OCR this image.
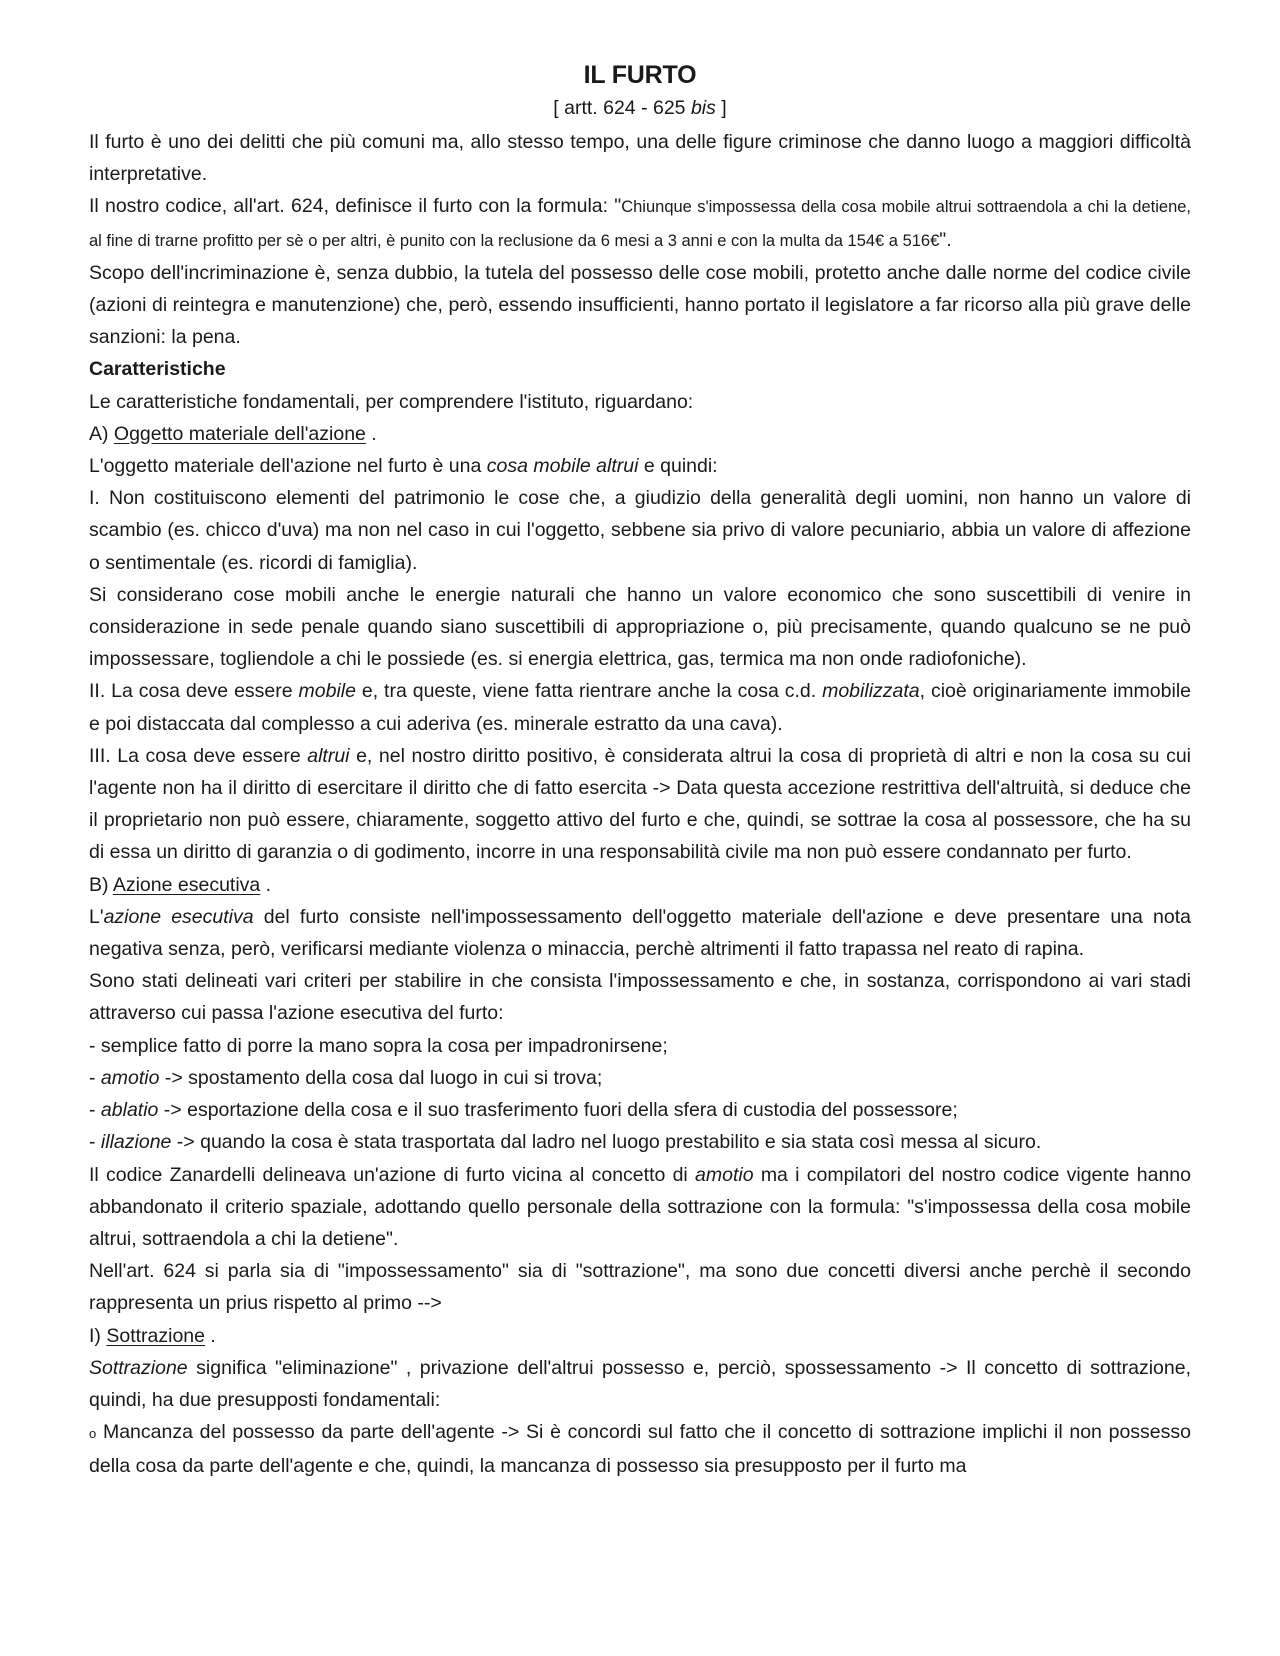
IL FURTO
[ artt. 624 - 625 bis ]

Il furto è uno dei delitti che più comuni ma, allo stesso tempo, una delle figure criminose che danno luogo a maggiori difficoltà interpretative.

Il nostro codice, all'art. 624, definisce il furto con la formula: "Chiunque s'impossessa della cosa mobile altrui sottraendola a chi la detiene, al fine di trarne profitto per sè o per altri, è punito con la reclusione da 6 mesi a 3 anni e con la multa da 154€ a 516€".

Scopo dell'incriminazione è, senza dubbio, la tutela del possesso delle cose mobili, protetto anche dalle norme del codice civile (azioni di reintegra e manutenzione) che, però, essendo insufficienti, hanno portato il legislatore a far ricorso alla più grave delle sanzioni: la pena.

Caratteristiche

Le caratteristiche fondamentali, per comprendere l'istituto, riguardano:

A) Oggetto materiale dell'azione .

L'oggetto materiale dell'azione nel furto è una cosa mobile altrui e quindi:

I. Non costituiscono elementi del patrimonio le cose che, a giudizio della generalità degli uomini, non hanno un valore di scambio (es. chicco d'uva) ma non nel caso in cui l'oggetto, sebbene sia privo di valore pecuniario, abbia un valore di affezione o sentimentale (es. ricordi di famiglia).

Si considerano cose mobili anche le energie naturali che hanno un valore economico che sono suscettibili di venire in considerazione in sede penale quando siano suscettibili di appropriazione o, più precisamente, quando qualcuno se ne può impossessare, togliendole a chi le possiede (es. si energia elettrica, gas, termica ma non onde radiofoniche).

II. La cosa deve essere mobile e, tra queste, viene fatta rientrare anche la cosa c.d. mobilizzata, cioè originariamente immobile e poi distaccata dal complesso a cui aderiva (es. minerale estratto da una cava).

III. La cosa deve essere altrui e, nel nostro diritto positivo, è considerata altrui la cosa di proprietà di altri e non la cosa su cui l'agente non ha il diritto di esercitare il diritto che di fatto esercita -> Data questa accezione restrittiva dell'altruità, si deduce che il proprietario non può essere, chiaramente, soggetto attivo del furto e che, quindi, se sottrae la cosa al possessore, che ha su di essa un diritto di garanzia o di godimento, incorre in una responsabilità civile ma non può essere condannato per furto.

B) Azione esecutiva .

L'azione esecutiva del furto consiste nell'impossessamento dell'oggetto materiale dell'azione e deve presentare una nota negativa senza, però, verificarsi mediante violenza o minaccia, perchè altrimenti il fatto trapassa nel reato di rapina.

Sono stati delineati vari criteri per stabilire in che consista l'impossessamento e che, in sostanza, corrispondono ai vari stadi attraverso cui passa l'azione esecutiva del furto:

- semplice fatto di porre la mano sopra la cosa per impadronirsene;

- amotio -> spostamento della cosa dal luogo in cui si trova;

- ablatio -> esportazione della cosa e il suo trasferimento fuori della sfera di custodia del possessore;

- illazione -> quando la cosa è stata trasportata dal ladro nel luogo prestabilito e sia stata così messa al sicuro.

Il codice Zanardelli delineava un'azione di furto vicina al concetto di amotio ma i compilatori del nostro codice vigente hanno abbandonato il criterio spaziale, adottando quello personale della sottrazione con la formula: "s'impossessa della cosa mobile altrui, sottraendola a chi la detiene".

Nell'art. 624 si parla sia di "impossessamento" sia di "sottrazione", ma sono due concetti diversi anche perchè il secondo rappresenta un prius rispetto al primo -->

I) Sottrazione .

Sottrazione significa "eliminazione" , privazione dell'altrui possesso e, perciò, spossessamento -> Il concetto di sottrazione, quindi, ha due presupposti fondamentali:

o Mancanza del possesso da parte dell'agente -> Si è concordi sul fatto che il concetto di sottrazione implichi il non possesso della cosa da parte dell'agente e che, quindi, la mancanza di possesso sia presupposto per il furto ma
